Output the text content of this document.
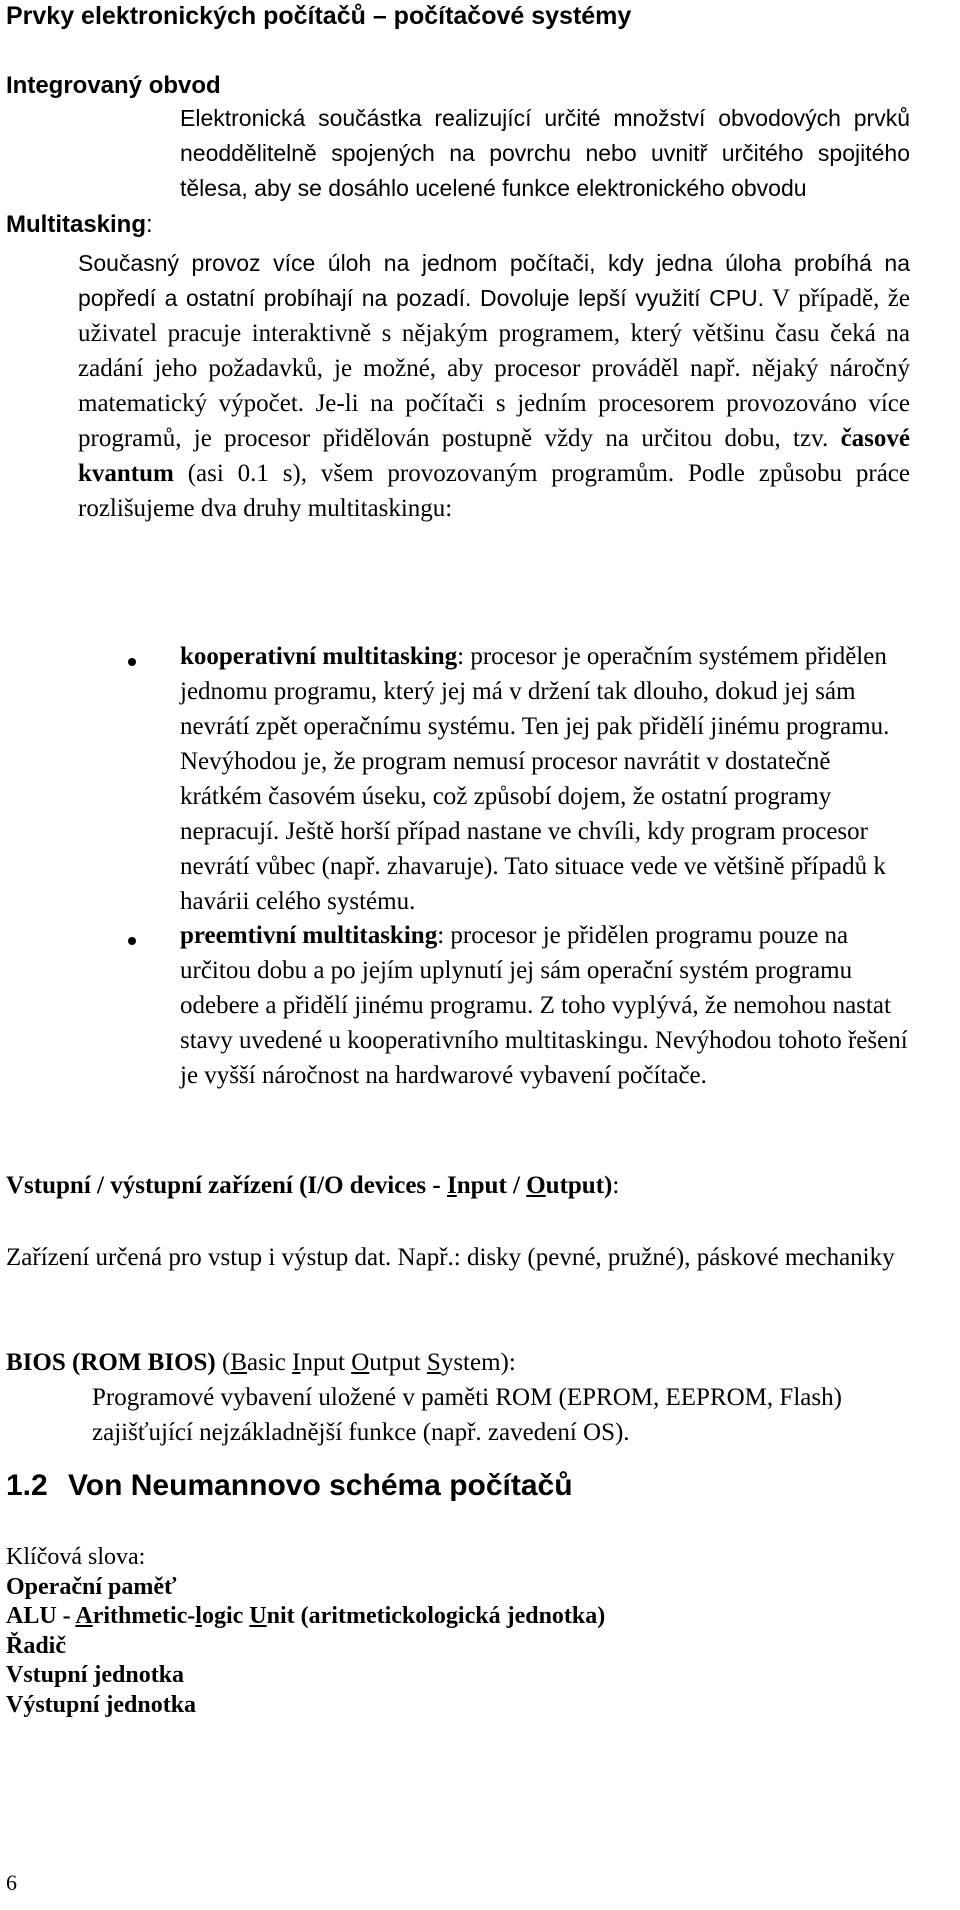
Prvky elektronických počítačů – počítačové systémy
Integrovaný obvod
Elektronická součástka realizující určité množství obvodových prvků neoddělitelně spojených na povrchu nebo uvnitř určitého spojitého tělesa, aby se dosáhlo ucelené funkce elektronického obvodu
Multitasking:
Současný provoz více úloh na jednom počítači, kdy jedna úloha probíhá na popředí a ostatní probíhají na pozadí. Dovoluje lepší využití CPU. V případě, že uživatel pracuje interaktivně s nějakým programem, který většinu času čeká na zadání jeho požadavků, je možné, aby procesor prováděl např. nějaký náročný matematický výpočet. Je-li na počítači s jedním procesorem provozováno více programů, je procesor přidělován postupně vždy na určitou dobu, tzv. časové kvantum (asi 0.1 s), všem provozovaným programům. Podle způsobu práce rozlišujeme dva druhy multitaskingu:
kooperativní multitasking: procesor je operačním systémem přidělen jednomu programu, který jej má v držení tak dlouho, dokud jej sám nevrátí zpět operačnímu systému. Ten jej pak přidělí jinému programu. Nevýhodou je, že program nemusí procesor navrátit v dostatečně krátkém časovém úseku, což způsobí dojem, že ostatní programy nepracují. Ještě horší případ nastane ve chvíli, kdy program procesor nevrátí vůbec (např. zhavaruje). Tato situace vede ve většině případů k havárii celého systému.
preemtivní multitasking: procesor je přidělen programu pouze na určitou dobu a po jejím uplynutí jej sám operační systém programu odebere a přidělí jinému programu. Z toho vyplývá, že nemohou nastat stavy uvedené u kooperativního multitaskingu. Nevýhodou tohoto řešení je vyšší náročnost na hardwarové vybavení počítače.
Vstupní / výstupní zařízení (I/O devices - Input / Output):
Zařízení určená pro vstup i výstup dat. Např.: disky (pevné, pružné), páskové mechaniky
BIOS (ROM BIOS) (Basic Input Output System):
Programové vybavení uložené v paměti ROM (EPROM, EEPROM, Flash) zajišťující nejzákladnější funkce (např. zavedení OS).
1.2 Von Neumannovo schéma počítačů
Klíčová slova:
Operační paměť
ALU - Arithmetic-logic Unit (aritmetickologická jednotka)
Řadič
Vstupní jednotka
Výstupní jednotka
6
